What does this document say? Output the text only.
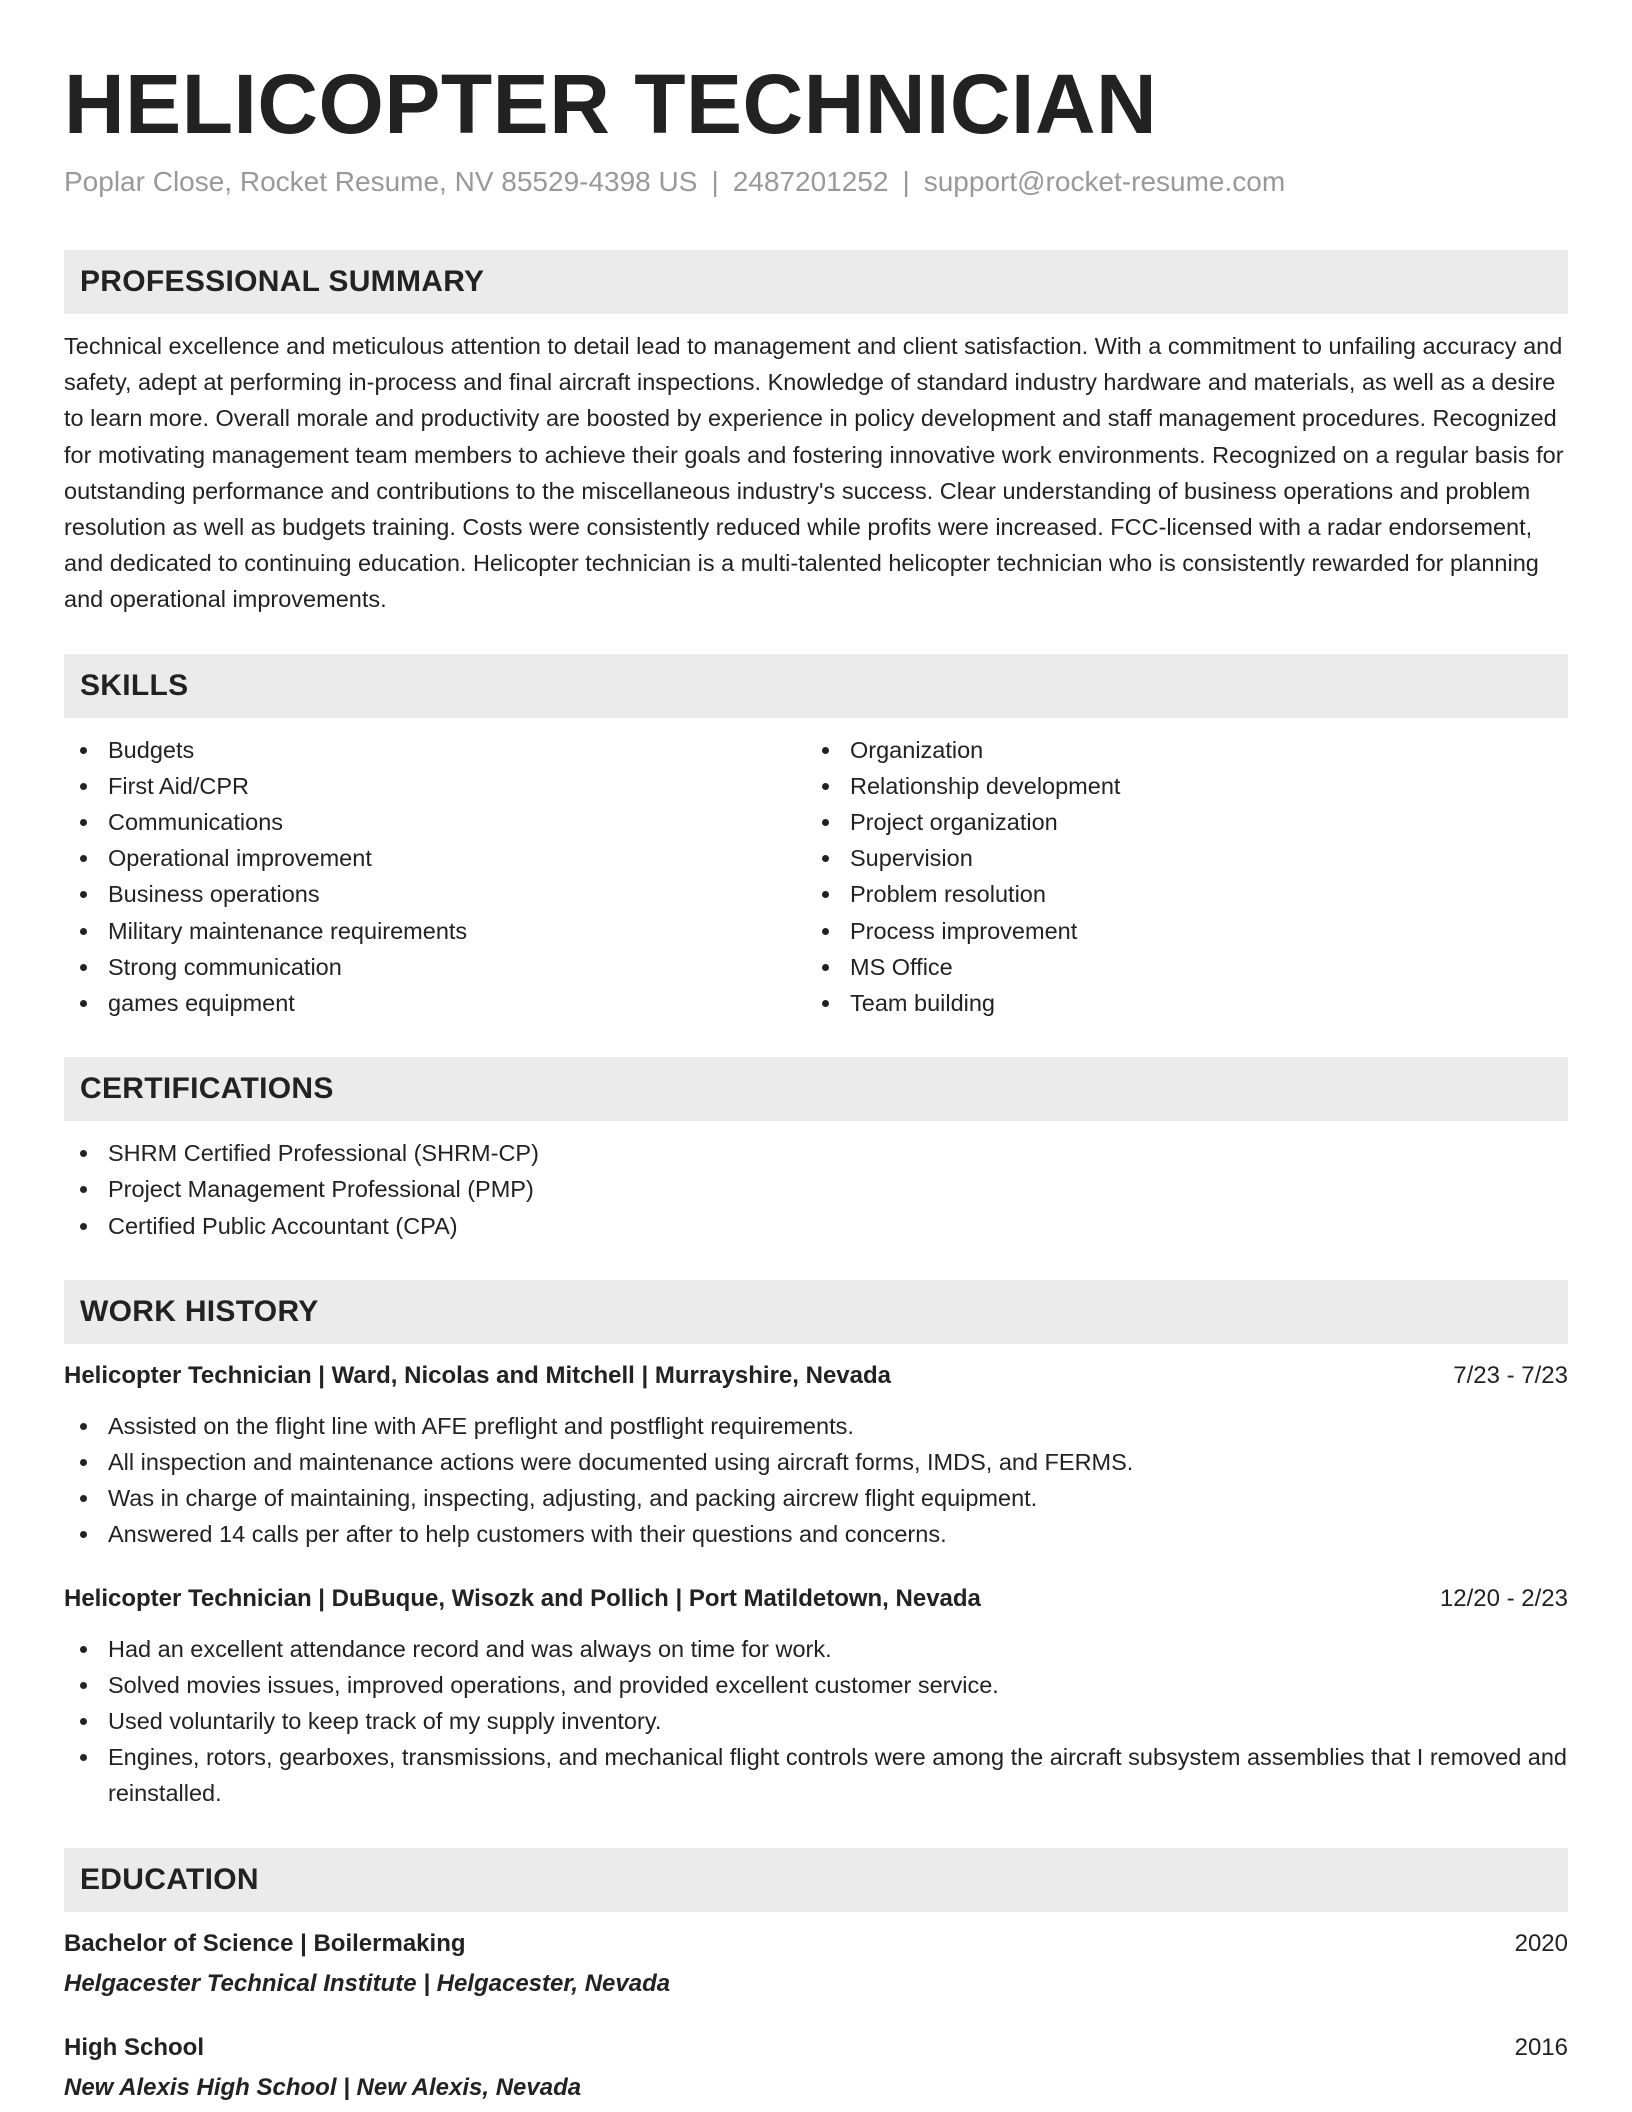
HELICOPTER TECHNICIAN
Poplar Close, Rocket Resume, NV 85529-4398 US | 2487201252 | support@rocket-resume.com
PROFESSIONAL SUMMARY

Technical excellence and meticulous attention to detail lead to management and client satisfaction. With a commitment to unfailing accuracy and safety, adept at performing in-process and final aircraft inspections. Knowledge of standard industry hardware and materials, as well as a desire to learn more. Overall morale and productivity are boosted by experience in policy development and staff management procedures. Recognized for motivating management team members to achieve their goals and fostering innovative work environments. Recognized on a regular basis for outstanding performance and contributions to the miscellaneous industry's success. Clear understanding of business operations and problem resolution as well as budgets training. Costs were consistently reduced while profits were increased. FCC-licensed with a radar endorsement, and dedicated to continuing education. Helicopter technician is a multi-talented helicopter technician who is consistently rewarded for planning and operational improvements.

SKILLS
Budgets
First Aid/CPR
Communications
Operational improvement
Business operations
Military maintenance requirements
Strong communication
games equipment
Organization
Relationship development
Project organization
Supervision
Problem resolution
Process improvement
MS Office
Team building
CERTIFICATIONS
SHRM Certified Professional (SHRM-CP)
Project Management Professional (PMP)
Certified Public Accountant (CPA)
WORK HISTORY
Helicopter Technician | Ward, Nicolas and Mitchell | Murrayshire, Nevada	7/23 - 7/23
Assisted on the flight line with AFE preflight and postflight requirements.
All inspection and maintenance actions were documented using aircraft forms, IMDS, and FERMS.
Was in charge of maintaining, inspecting, adjusting, and packing aircrew flight equipment.
Answered 14 calls per after to help customers with their questions and concerns.
Helicopter Technician | DuBuque, Wisozk and Pollich | Port Matildetown, Nevada	12/20 - 2/23
Had an excellent attendance record and was always on time for work.
Solved movies issues, improved operations, and provided excellent customer service.
Used voluntarily to keep track of my supply inventory.
Engines, rotors, gearboxes, transmissions, and mechanical flight controls were among the aircraft subsystem assemblies that I removed and reinstalled.
EDUCATION
Bachelor of Science | Boilermaking	2020
Helgacester Technical Institute | Helgacester, Nevada
High School	2016
New Alexis High School | New Alexis, Nevada
